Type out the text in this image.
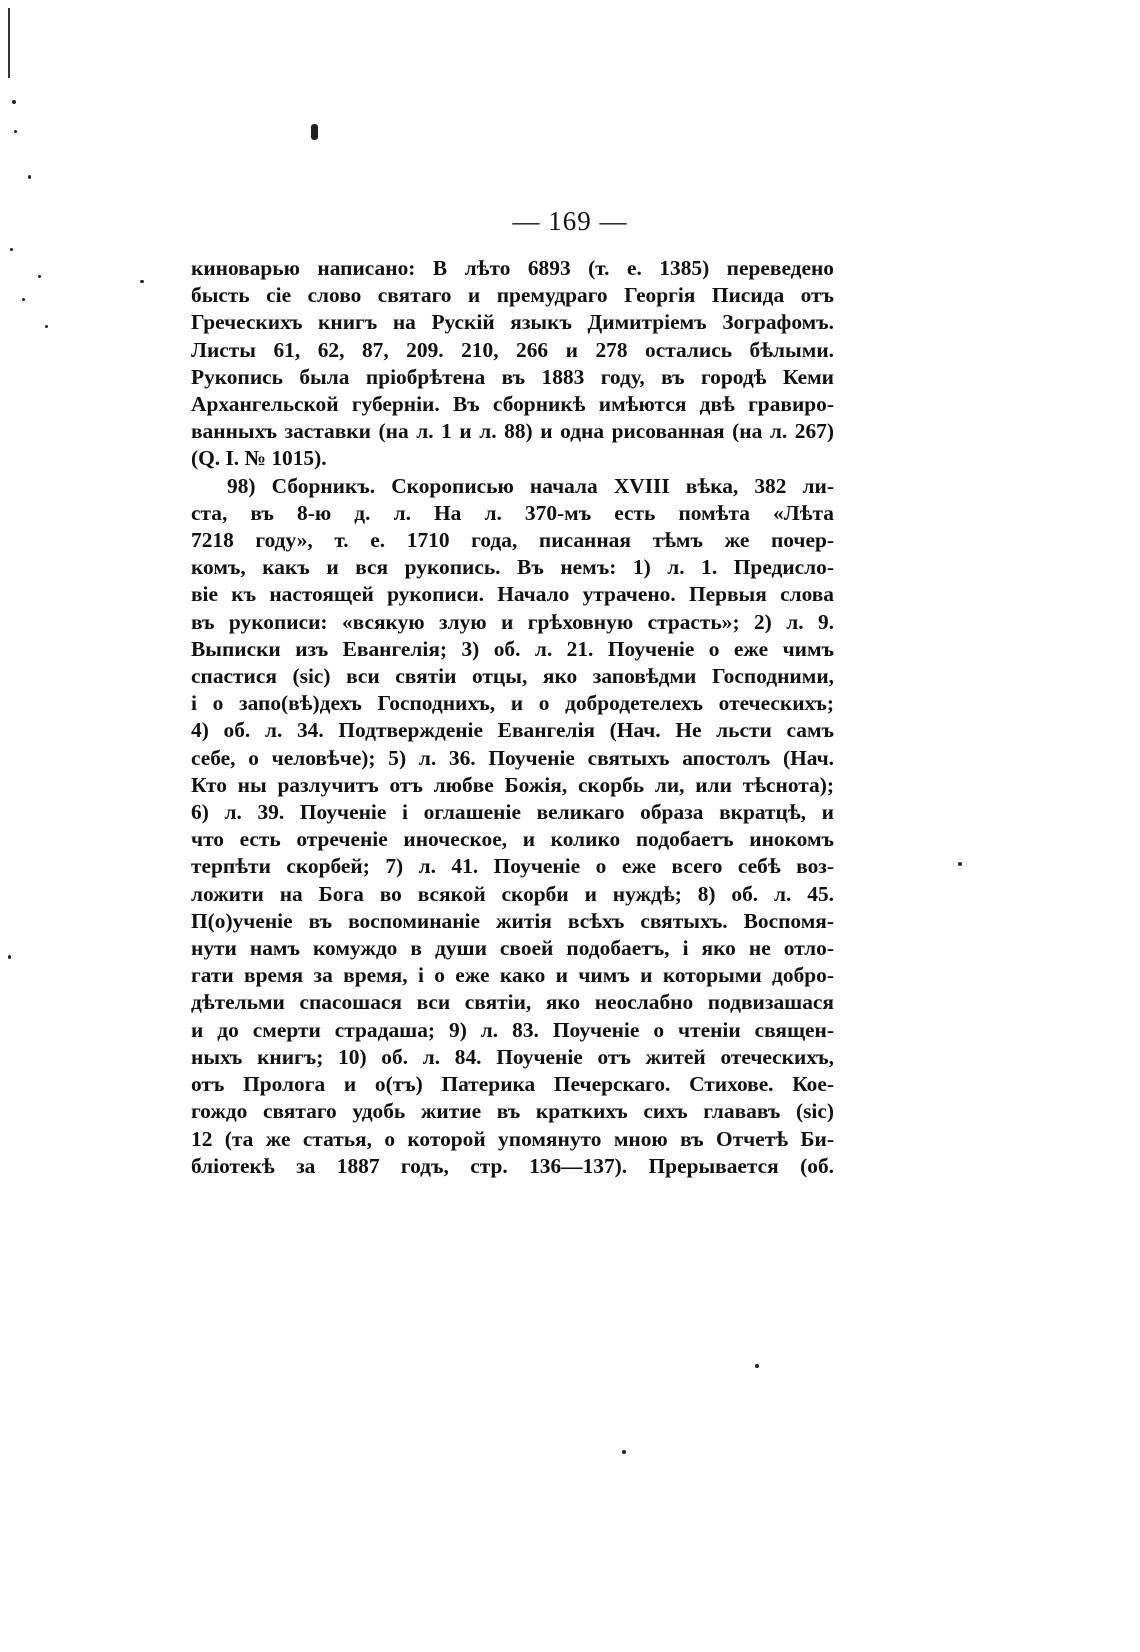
— 169 —
киноварью написано: В лѣто 6893 (т. е. 1385) переведено
бысть сіе слово святаго и премудраго Георгія Писида отъ
Греческихъ книгъ на Рускій языкъ Димитріемъ Зографомъ.
Листы 61, 62, 87, 209. 210, 266 и 278 остались бѣлыми.
Рукопись была пріобрѣтена въ 1883 году, въ городѣ Кеми
Архангельской губерніи. Въ сборникѣ имѣются двѣ гравиро-
ванныхъ заставки (на л. 1 и л. 88) и одна рисованная (на л. 267)
(Q. I. № 1015).
98) Сборникъ. Скорописью начала XVIII вѣка, 382 ли-
ста, въ 8-ю д. л. На л. 370-мъ есть помѣта «Лѣта
7218 году», т. е. 1710 года, писанная тѣмъ же почер-
комъ, какъ и вся рукопись. Въ немъ: 1) л. 1. Предисло-
віе къ настоящей рукописи. Начало утрачено. Первыя слова
въ рукописи: «всякую злую и грѣховную страсть»; 2) л. 9.
Выписки изъ Евангелія; 3) об. л. 21. Поученіе о еже чимъ
спастися (sic) вси святіи отцы, яко заповѣдми Господними,
і о запо(вѣ)дехъ Господнихъ, и о добродетелехъ отеческихъ;
4) об. л. 34. Подтвержденіе Евангелія (Нач. Не льсти самъ
себе, о человѣче); 5) л. 36. Поученіе святыхъ апостолъ (Нач.
Кто ны разлучитъ отъ любве Божія, скорбь ли, или тѣснота);
6) л. 39. Поученіе і оглашеніе великаго образа вкратцѣ, и
что есть отреченіе иноческое, и колико подобаетъ инокомъ
терпѣти скорбей; 7) л. 41. Поученіе о еже всего себѣ воз-
ложити на Бога во всякой скорби и нуждѣ; 8) об. л. 45.
П(о)ученіе въ воспоминаніе житія всѣхъ святыхъ. Воспомя-
нути намъ комуждо в души своей подобаетъ, і яко не отло-
гати время за время, і о еже како и чимъ и которыми добро-
дѣтельми спасошася вси святіи, яко неослабно подвизашася
и до смерти страдаша; 9) л. 83. Поученіе о чтеніи священ-
ныхъ книгъ; 10) об. л. 84. Поученіе отъ житей отеческихъ,
отъ Пролога и о(тъ) Патерика Печерскаго. Стихове. Кое-
гождо святаго удобь житие въ краткихъ сихъ глававъ (sic)
12 (та же статья, о которой упомянуто мною въ Отчетѣ Би-
бліотекѣ за 1887 годъ, стр. 136—137). Прерывается (об.
